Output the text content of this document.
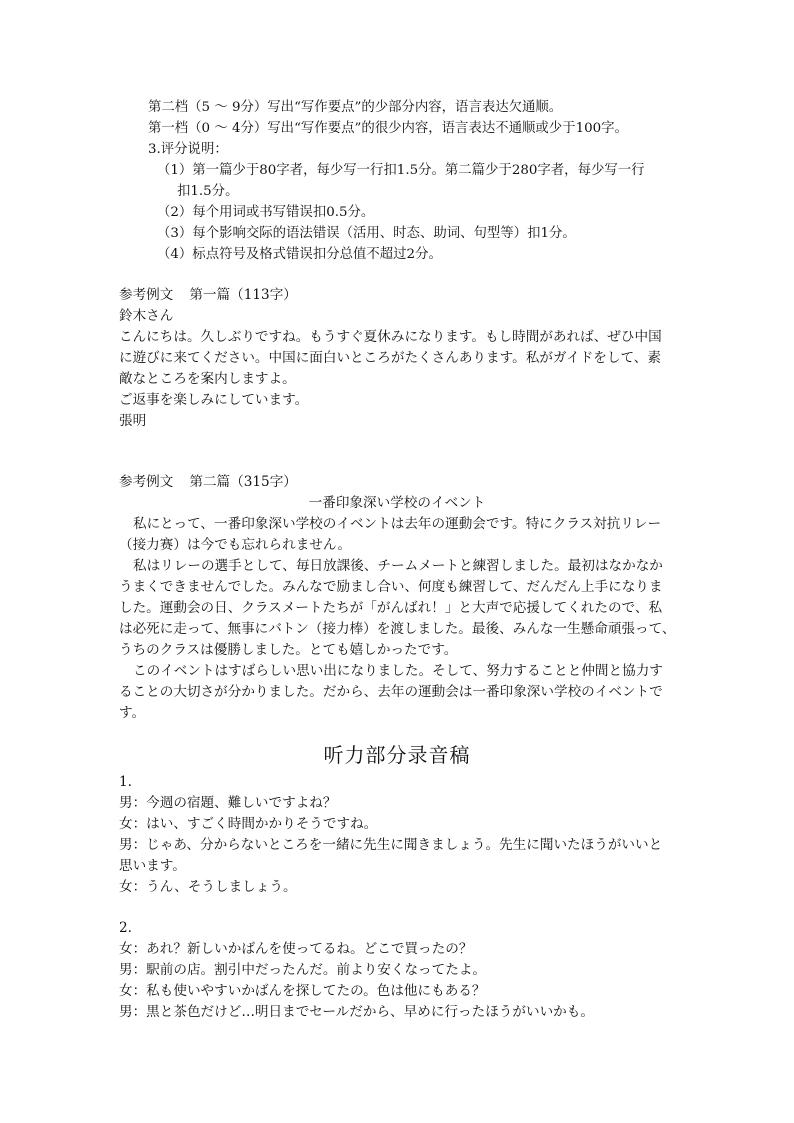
第二档（5 ～ 9分）写出“写作要点”的少部分内容，语言表达欠通顺。
第一档（0 ～ 4分）写出“写作要点”的很少内容，语言表达不通顺或少于100字。
3.评分说明：
（1）第一篇少于80字者，每少写一行扣1.5分。第二篇少于280字者，每少写一行
扣1.5分。
（2）每个用词或书写错误扣0.5分。
（3）每个影响交际的语法错误（活用、时态、助词、句型等）扣1分。
（4）标点符号及格式错误扣分总值不超过2分。
参考例文 第一篇（113字）
鈴木さん
こんにちは。久しぶりですね。もうすぐ夏休みになります。もし時間があれば、ぜひ中国
に遊びに来てください。中国に面白いところがたくさんあります。私がガイドをして、素
敵なところを案内しますよ。
ご返事を楽しみにしています。
張明
参考例文 第二篇（315字）
一番印象深い学校のイベント
私にとって、一番印象深い学校のイベントは去年の運動会です。特にクラス対抗リレー
（接力赛）は今でも忘れられません。
私はリレーの選手として、毎日放課後、チームメートと練習しました。最初はなかなか
うまくできませんでした。みんなで励まし合い、何度も練習して、だんだん上手になりま
した。運動会の日、クラスメートたちが「がんばれ！」と大声で応援してくれたので、私
は必死に走って、無事にバトン（接力棒）を渡しました。最後、みんな一生懸命頑張って、
うちのクラスは優勝しました。とても嬉しかったです。
このイベントはすばらしい思い出になりました。そして、努力することと仲間と協力す
ることの大切さが分かりました。だから、去年の運動会は一番印象深い学校のイベントで
す。
听力部分录音稿
1.
男：今週の宿題、難しいですよね？
女：はい、すごく時間かかりそうですね。
男：じゃあ、分からないところを一緒に先生に聞きましょう。先生に聞いたほうがいいと
思います。
女：うん、そうしましょう。
2.
女：あれ？新しいかばんを使ってるね。どこで買ったの？
男：駅前の店。割引中だったんだ。前より安くなってたよ。
女：私も使いやすいかばんを探してたの。色は他にもある？
男：黒と茶色だけど…明日までセールだから、早めに行ったほうがいいかも。
